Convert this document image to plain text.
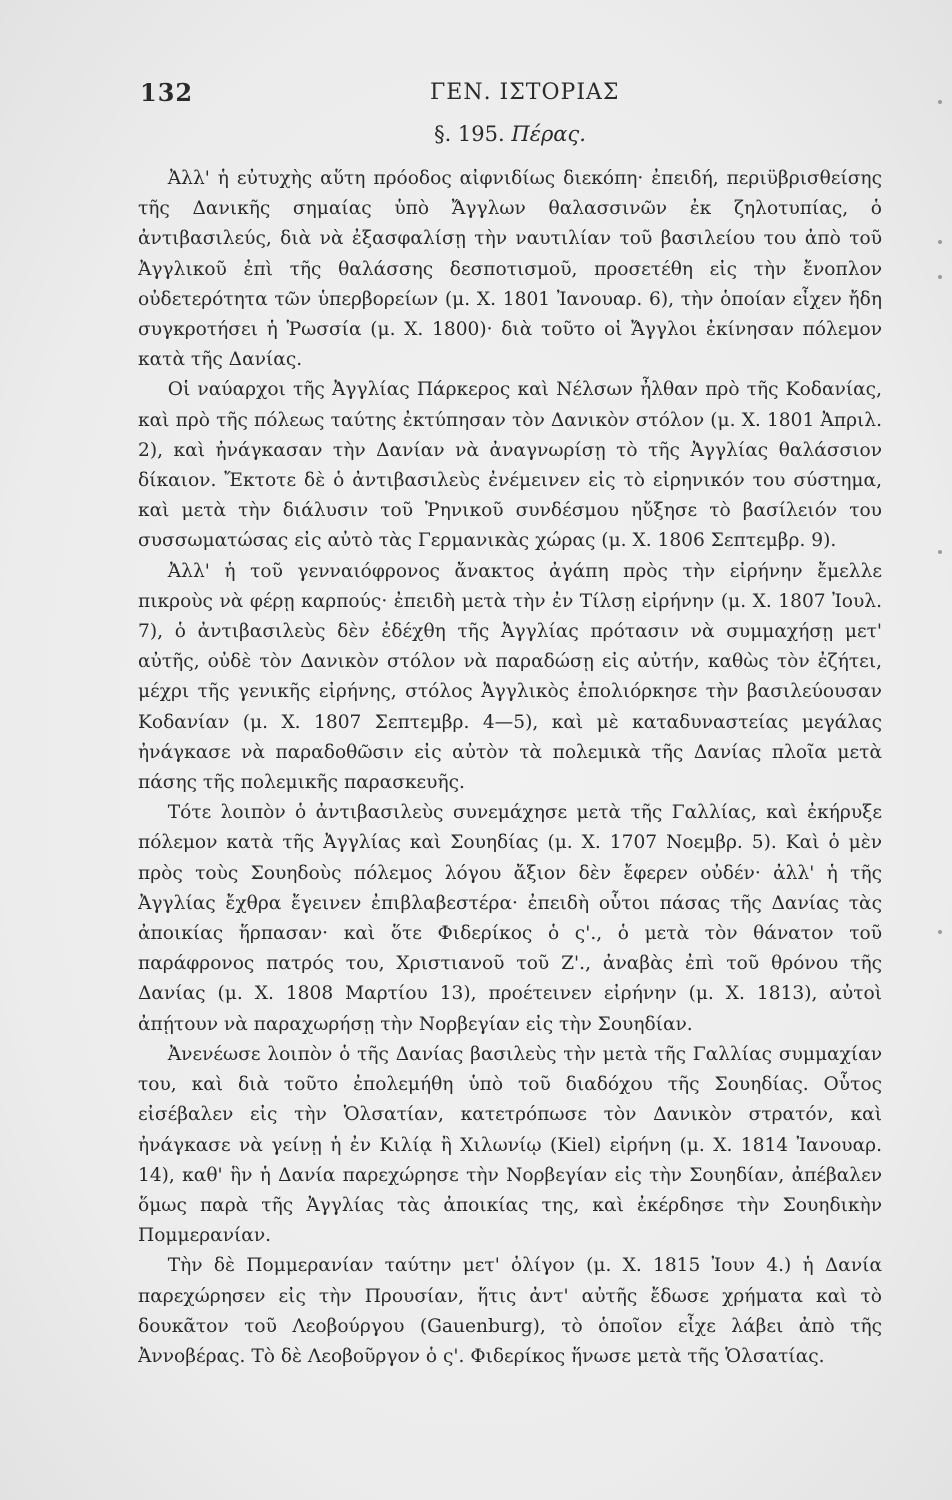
132	ΓΕΝ. ΙΣΤΟΡΙΑΣ
§. 195. Πέρας.

Ἀλλ' ἡ εὐτυχὴς αὕτη πρόοδος αἰφνιδίως διεκόπη· ἐπειδή, περιϋβρισθείσης τῆς Δανικῆς σημαίας ὑπὸ Ἄγγλων θαλασσινῶν ἐκ ζηλοτυπίας, ὁ ἀντιβασιλεύς, διὰ νὰ ἐξασφαλίσῃ τὴν ναυτιλίαν τοῦ βασιλείου του ἀπὸ τοῦ Ἀγγλικοῦ ἐπὶ τῆς θαλάσσης δεσποτισμοῦ, προσετέθη εἰς τὴν ἔνοπλον οὐδετερότητα τῶν ὑπερβορείων (μ. Χ. 1801 Ἰανουαρ. 6), τὴν ὁποίαν εἶχεν ἤδη συγκροτήσει ἡ Ῥωσσία (μ. Χ. 1800)· διὰ τοῦτο οἱ Ἄγγλοι ἐκίνησαν πόλεμον κατὰ τῆς Δανίας.

Οἱ ναύαρχοι τῆς Ἀγγλίας Πάρκερος καὶ Νέλσων ἦλθαν πρὸ τῆς Κοδανίας, καὶ πρὸ τῆς πόλεως ταύτης ἐκτύπησαν τὸν Δανικὸν στόλον (μ. Χ. 1801 Ἀπριλ. 2), καὶ ἠνάγκασαν τὴν Δανίαν νὰ ἀναγνωρίσῃ τὸ τῆς Ἀγγλίας θαλάσσιον δίκαιον. Ἔκτοτε δὲ ὁ ἀντιβασιλεὺς ἐνέμεινεν εἰς τὸ εἰρηνικόν του σύστημα, καὶ μετὰ τὴν διάλυσιν τοῦ Ῥηνικοῦ συνδέσμου ηὔξησε τὸ βασίλειόν του συσσωματώσας εἰς αὐτὸ τὰς Γερμανικὰς χώρας (μ. Χ. 1806 Σεπτεμβρ. 9).

Ἀλλ' ἡ τοῦ γενναιόφρονος ἄνακτος ἀγάπη πρὸς τὴν εἰρήνην ἔμελλε πικροὺς νὰ φέρῃ καρπούς· ἐπειδὴ μετὰ τὴν ἐν Τίλσῃ εἰρήνην (μ. Χ. 1807 Ἰουλ. 7), ὁ ἀντιβασιλεὺς δὲν ἐδέχθη τῆς Ἀγγλίας πρότασιν νὰ συμμαχήσῃ μετ' αὐτῆς, οὐδὲ τὸν Δανικὸν στόλον νὰ παραδώσῃ εἰς αὐτήν, καθὼς τὸν ἐζήτει, μέχρι τῆς γενικῆς εἰρήνης, στόλος Ἀγγλικὸς ἐπολιόρκησε τὴν βασιλεύουσαν Κοδανίαν (μ. Χ. 1807 Σεπτεμβρ. 4—5), καὶ μὲ καταδυναστείας μεγάλας ἠνάγκασε νὰ παραδοθῶσιν εἰς αὐτὸν τὰ πολεμικὰ τῆς Δανίας πλοῖα μετὰ πάσης τῆς πολεμικῆς παρασκευῆς.

Τότε λοιπὸν ὁ ἀντιβασιλεὺς συνεμάχησε μετὰ τῆς Γαλλίας, καὶ ἐκήρυξε πόλεμον κατὰ τῆς Ἀγγλίας καὶ Σουηδίας (μ. Χ. 1707 Νοεμβρ. 5). Καὶ ὁ μὲν πρὸς τοὺς Σουηδοὺς πόλεμος λόγου ἄξιον δὲν ἔφερεν οὐδέν· ἀλλ' ἡ τῆς Ἀγγλίας ἔχθρα ἔγεινεν ἐπιβλαβεστέρα· ἐπειδὴ οὗτοι πάσας τῆς Δανίας τὰς ἀποικίας ἥρπασαν· καὶ ὅτε Φιδερίκος ὁ ς'., ὁ μετὰ τὸν θάνατον τοῦ παράφρονος πατρός του, Χριστιανοῦ τοῦ Ζ'., ἀναβὰς ἐπὶ τοῦ θρόνου τῆς Δανίας (μ. Χ. 1808 Μαρτίου 13), προέτεινεν εἰρήνην (μ. Χ. 1813), αὐτοὶ ἀπῄτουν νὰ παραχωρήσῃ τὴν Νορβεγίαν εἰς τὴν Σουηδίαν.

Ἀνενέωσε λοιπὸν ὁ τῆς Δανίας βασιλεὺς τὴν μετὰ τῆς Γαλλίας συμμαχίαν του, καὶ διὰ τοῦτο ἐπολεμήθη ὑπὸ τοῦ διαδόχου τῆς Σουηδίας. Οὗτος εἰσέβαλεν εἰς τὴν Ὁλσατίαν, κατετρόπωσε τὸν Δανικὸν στρατόν, καὶ ἠνάγκασε νὰ γείνῃ ἡ ἐν Κιλίᾳ ἢ Χιλωνίῳ (Kiel) εἰρήνη (μ. Χ. 1814 Ἰανουαρ. 14), καθ' ἣν ἡ Δανία παρεχώρησε τὴν Νορβεγίαν εἰς τὴν Σουηδίαν, ἀπέβαλεν ὅμως παρὰ τῆς Ἀγγλίας τὰς ἀποικίας της, καὶ ἐκέρδησε τὴν Σουηδικὴν Πομμερανίαν.

Τὴν δὲ Πομμερανίαν ταύτην μετ' ὀλίγον (μ. Χ. 1815 Ἰουν 4.) ἡ Δανία παρεχώρησεν εἰς τὴν Προυσίαν, ἥτις ἀντ' αὐτῆς ἔδωσε χρήματα καὶ τὸ δουκᾶτον τοῦ Λεοβούργου (Gauenburg), τὸ ὁποῖον εἶχε λάβει ἀπὸ τῆς Ἀννοβέρας. Τὸ δὲ Λεοβοῦργον ὁ ς'. Φιδερίκος ἥνωσε μετὰ τῆς Ὁλσατίας.
